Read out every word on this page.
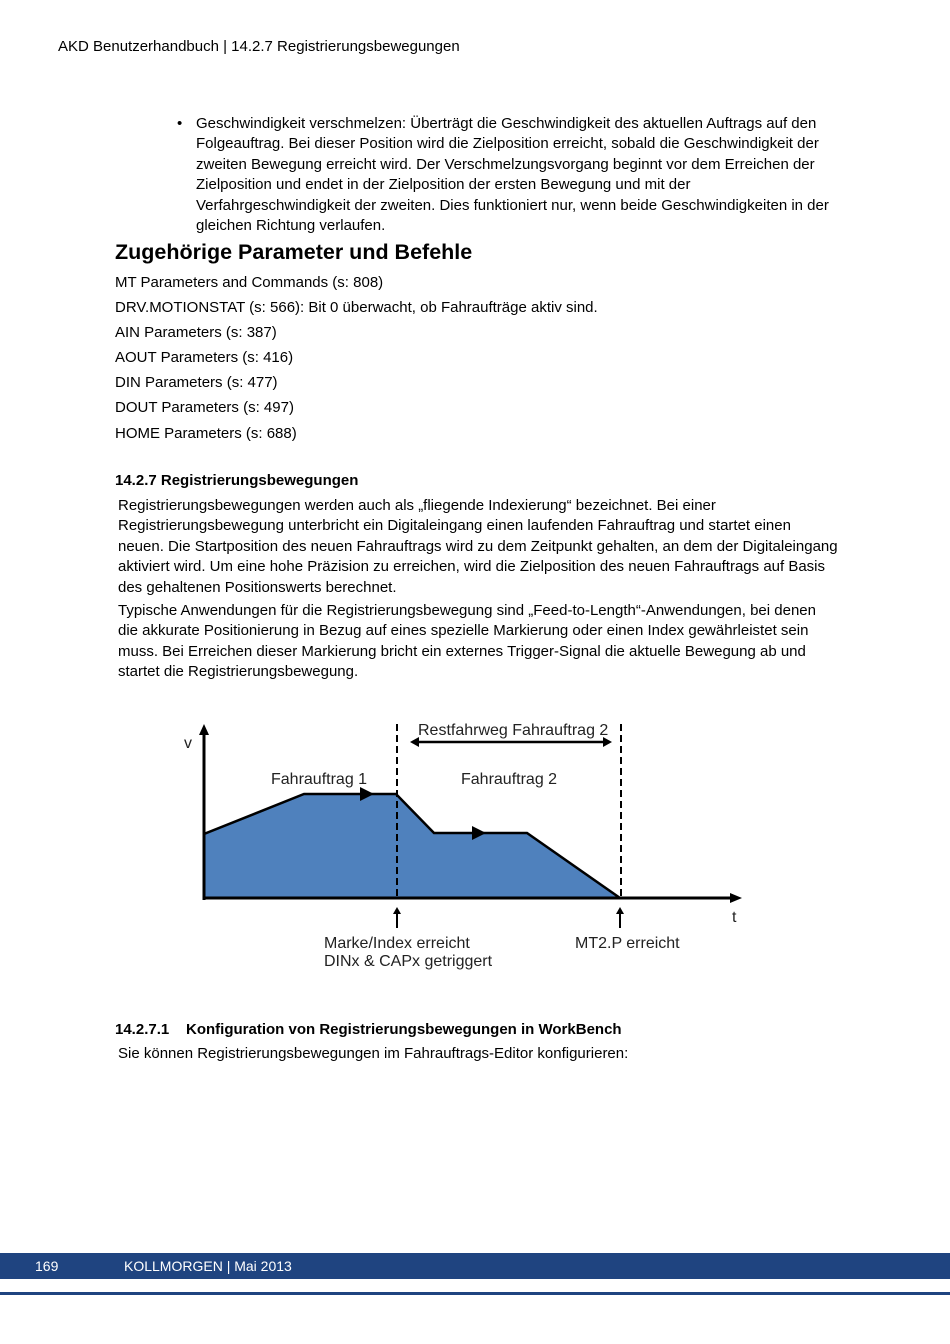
AKD Benutzerhandbuch | 14.2.7 Registrierungsbewegungen
• Geschwindigkeit verschmelzen: Überträgt die Geschwindigkeit des aktuellen Auftrags auf den Folgeauftrag. Bei dieser Position wird die Zielposition erreicht, sobald die Geschwindigkeit der zweiten Bewegung erreicht wird. Der Verschmelzungsvorgang beginnt vor dem Erreichen der Zielposition und endet in der Zielposition der ersten Bewegung und mit der Verfahrgeschwindigkeit der zweiten. Dies funktioniert nur, wenn beide Geschwindigkeiten in der gleichen Richtung verlaufen.
Zugehörige Parameter und Befehle
MT Parameters and Commands (s: 808)
DRV.MOTIONSTAT (s: 566): Bit 0 überwacht, ob Fahraufträge aktiv sind.
AIN Parameters (s: 387)
AOUT Parameters (s: 416)
DIN Parameters (s: 477)
DOUT Parameters (s: 497)
HOME Parameters (s: 688)
14.2.7 Registrierungsbewegungen
Registrierungsbewegungen werden auch als „fliegende Indexierung“ bezeichnet. Bei einer Registrierungsbewegung unterbricht ein Digitaleingang einen laufenden Fahrauftrag und startet einen neuen. Die Startposition des neuen Fahrauftrags wird zu dem Zeitpunkt gehalten, an dem der Digitaleingang aktiviert wird. Um eine hohe Präzision zu erreichen, wird die Zielposition des neuen Fahrauftrags auf Basis des gehaltenen Positionswerts berechnet.
Typische Anwendungen für die Registrierungsbewegung sind „Feed-to-Length“-Anwendungen, bei denen die akkurate Positionierung in Bezug auf eines spezielle Markierung oder einen Index gewährleistet sein muss. Bei Erreichen dieser Markierung bricht ein externes Trigger-Signal die aktuelle Bewegung ab und startet die Registrierungsbewegung.
v
t
Restfahrweg Fahrauftrag 2
Fahrauftrag 1	Fahrauftrag 2
Marke/Index erreicht
DINx & CAPx getriggert
MT2.P erreicht
14.2.7.1 Konfiguration von Registrierungsbewegungen in WorkBench
Sie können Registrierungsbewegungen im Fahrauftrags-Editor konfigurieren:
169	KOLLMORGEN | Mai 2013
